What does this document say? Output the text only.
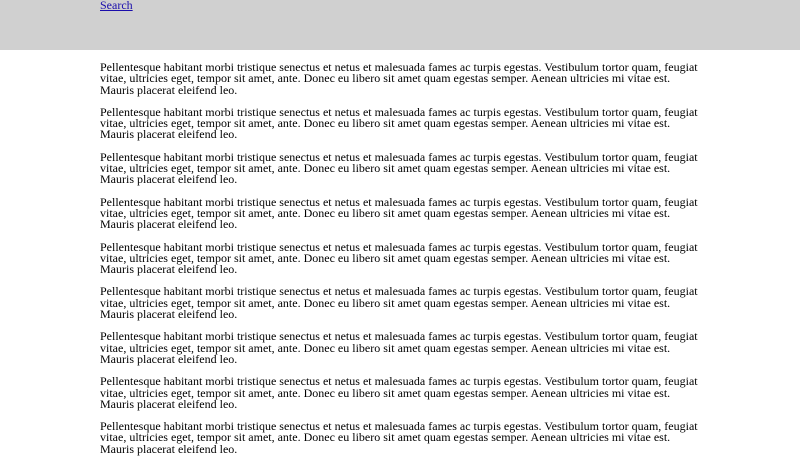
Search

Pellentesque habitant morbi tristique senectus et netus et malesuada fames ac turpis egestas. Vestibulum tortor quam, feugiat vitae, ultricies eget, tempor sit amet, ante. Donec eu libero sit amet quam egestas semper. Aenean ultricies mi vitae est. Mauris placerat eleifend leo.

Pellentesque habitant morbi tristique senectus et netus et malesuada fames ac turpis egestas. Vestibulum tortor quam, feugiat vitae, ultricies eget, tempor sit amet, ante. Donec eu libero sit amet quam egestas semper. Aenean ultricies mi vitae est. Mauris placerat eleifend leo.

Pellentesque habitant morbi tristique senectus et netus et malesuada fames ac turpis egestas. Vestibulum tortor quam, feugiat vitae, ultricies eget, tempor sit amet, ante. Donec eu libero sit amet quam egestas semper. Aenean ultricies mi vitae est. Mauris placerat eleifend leo.

Pellentesque habitant morbi tristique senectus et netus et malesuada fames ac turpis egestas. Vestibulum tortor quam, feugiat vitae, ultricies eget, tempor sit amet, ante. Donec eu libero sit amet quam egestas semper. Aenean ultricies mi vitae est. Mauris placerat eleifend leo.

Pellentesque habitant morbi tristique senectus et netus et malesuada fames ac turpis egestas. Vestibulum tortor quam, feugiat vitae, ultricies eget, tempor sit amet, ante. Donec eu libero sit amet quam egestas semper. Aenean ultricies mi vitae est. Mauris placerat eleifend leo.

Pellentesque habitant morbi tristique senectus et netus et malesuada fames ac turpis egestas. Vestibulum tortor quam, feugiat vitae, ultricies eget, tempor sit amet, ante. Donec eu libero sit amet quam egestas semper. Aenean ultricies mi vitae est. Mauris placerat eleifend leo.

Pellentesque habitant morbi tristique senectus et netus et malesuada fames ac turpis egestas. Vestibulum tortor quam, feugiat vitae, ultricies eget, tempor sit amet, ante. Donec eu libero sit amet quam egestas semper. Aenean ultricies mi vitae est. Mauris placerat eleifend leo.

Pellentesque habitant morbi tristique senectus et netus et malesuada fames ac turpis egestas. Vestibulum tortor quam, feugiat vitae, ultricies eget, tempor sit amet, ante. Donec eu libero sit amet quam egestas semper. Aenean ultricies mi vitae est. Mauris placerat eleifend leo.

Pellentesque habitant morbi tristique senectus et netus et malesuada fames ac turpis egestas. Vestibulum tortor quam, feugiat vitae, ultricies eget, tempor sit amet, ante. Donec eu libero sit amet quam egestas semper. Aenean ultricies mi vitae est. Mauris placerat eleifend leo.
